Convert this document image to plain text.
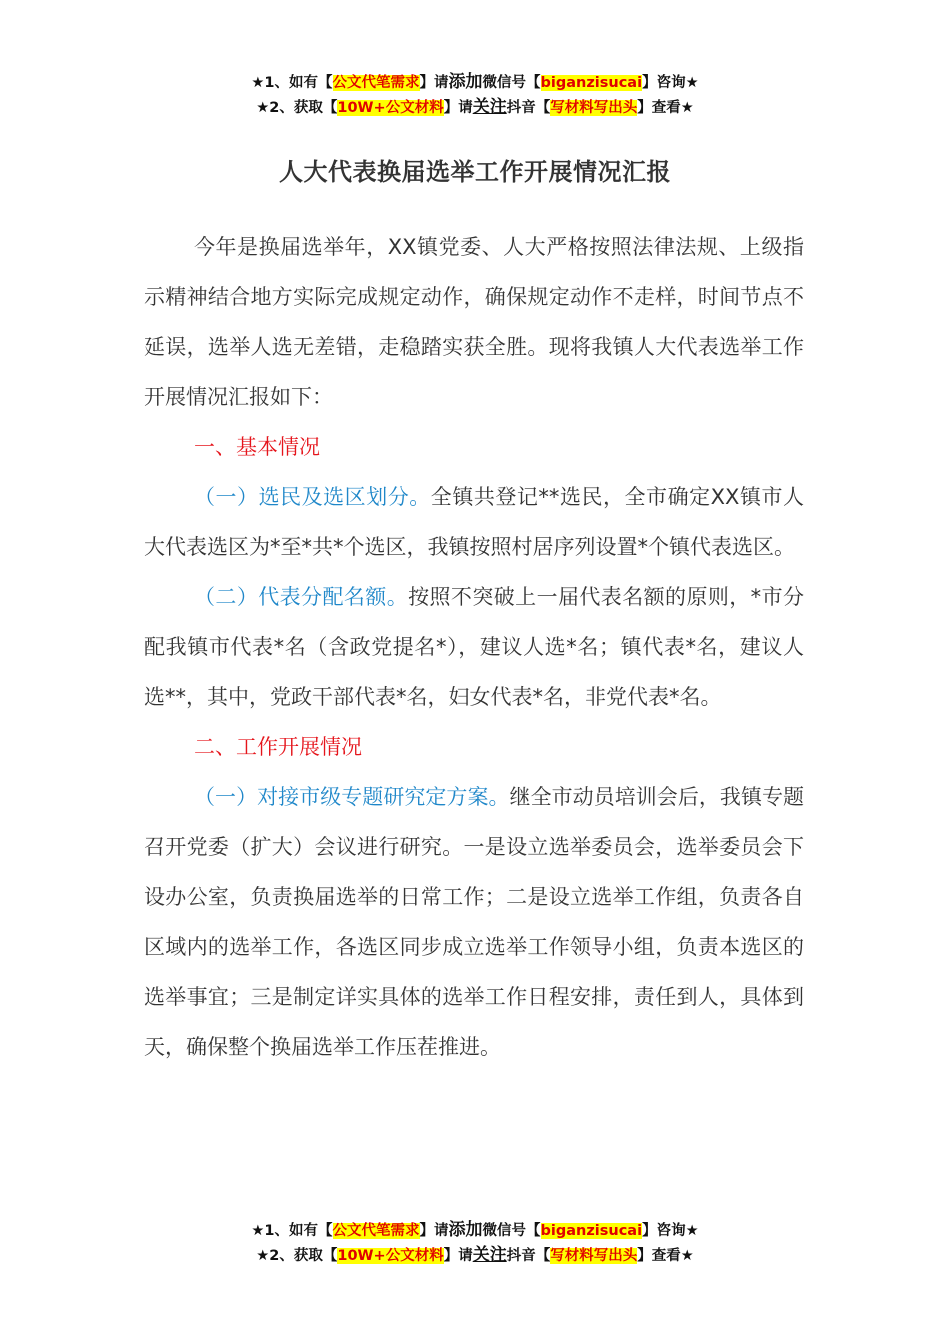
★1、如有【公文代笔需求】请添加微信号【biganzisucai】咨询★
★2、获取【10W+公文材料】请关注抖音【写材料写出头】查看★
人大代表换届选举工作开展情况汇报

今年是换届选举年，XX镇党委、人大严格按照法律法规、上级指示精神结合地方实际完成规定动作，确保规定动作不走样，时间节点不延误，选举人选无差错，走稳踏实获全胜。现将我镇人大代表选举工作开展情况汇报如下：

一、基本情况

（一）选民及选区划分。全镇共登记**选民，全市确定XX镇市人大代表选区为*至*共*个选区，我镇按照村居序列设置*个镇代表选区。

（二）代表分配名额。按照不突破上一届代表名额的原则，*市分配我镇市代表*名（含政党提名*），建议人选*名；镇代表*名，建议人选**，其中，党政干部代表*名，妇女代表*名，非党代表*名。

二、工作开展情况

（一）对接市级专题研究定方案。继全市动员培训会后，我镇专题召开党委（扩大）会议进行研究。一是设立选举委员会，选举委员会下设办公室，负责换届选举的日常工作；二是设立选举工作组，负责各自区域内的选举工作，各选区同步成立选举工作领导小组，负责本选区的选举事宜；三是制定详实具体的选举工作日程安排，责任到人，具体到天，确保整个换届选举工作压茬推进。

★1、如有【公文代笔需求】请添加微信号【biganzisucai】咨询★
★2、获取【10W+公文材料】请关注抖音【写材料写出头】查看★
